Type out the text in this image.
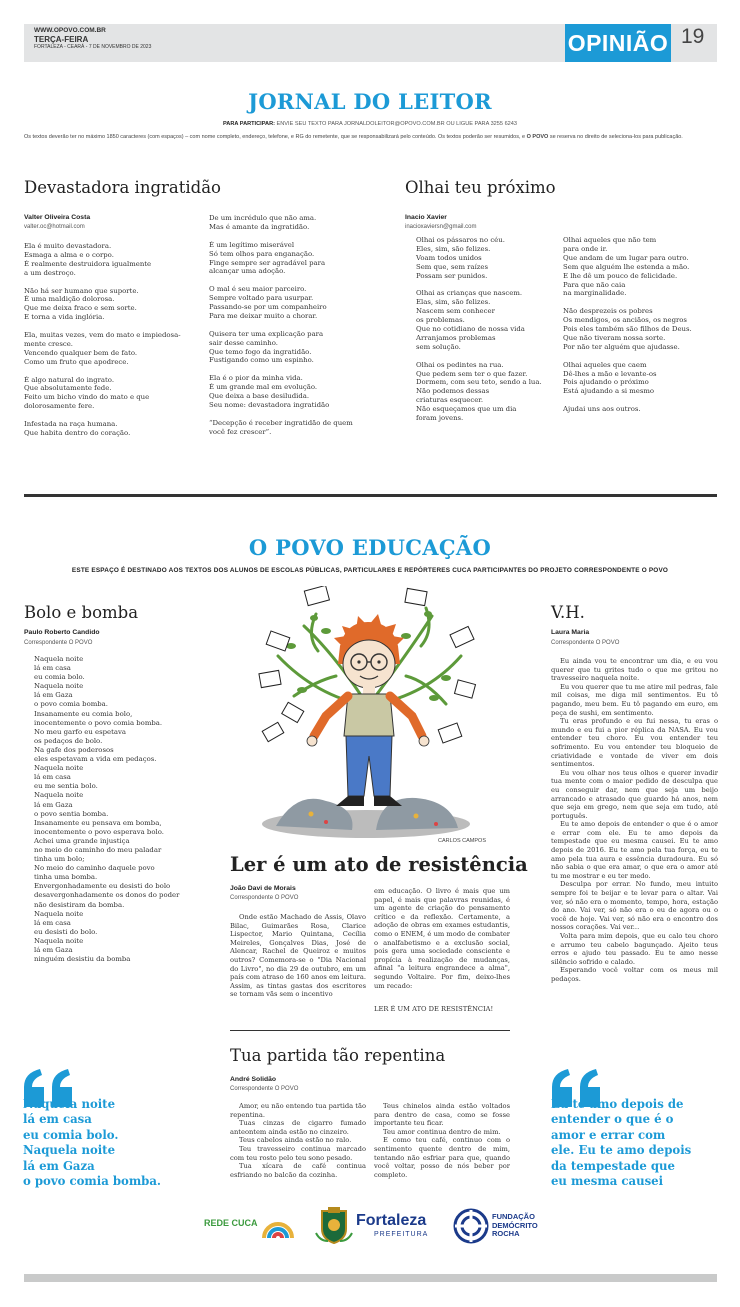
WWW.OPOVO.COM.BR
TERÇA-FEIRA
FORTALEZA - CEARÁ - 7 DE NOVEMBRO DE 2023	OPINIÃO 19
JORNAL DO LEITOR
PARA PARTICIPAR: ENVIE SEU TEXTO PARA JORNALDOLEITOR@OPOVO.COM.BR OU LIGUE PARA 3255 6243
Os textos deverão ter no máximo 1850 caracteres (com espaços) – com nome completo, endereço, telefone, e RG do remetente, que se responsabilizará pelo conteúdo. Os textos poderão ser resumidos, e O POVO se reserva no direito de seleciona-los para publicação.
Devastadora ingratidão
Valter Oliveira Costa
valter.oc@hotmail.com

Ela é muito devastadora.

Esmaga a alma e o corpo.

É realmente destruidora igualmente

a um destroço.

Não há ser humano que suporte.

É uma maldição dolorosa.

Que me deixa fraco e sem sorte.

E torna a vida inglória.

Ela, muitas vezes, vem do mato e impiedosa-

mente cresce.

Vencendo qualquer bem de fato.

Como um fruto que apodrece.

É algo natural do ingrato.

Que absolutamente fede.

Feito um bicho vindo do mato e que

dolorosamente fere.

Infestada na raça humana.

Que habita dentro do coração.

De um incrédulo que não ama.

Mas é amante da ingratidão.

É um legítimo miserável

Só tem olhos para enganação.

Finge sempre ser agradável para

alcançar uma adoção.

O mal é seu maior parceiro.

Sempre voltado para usurpar.

Passando-se por um companheiro

Para me deixar muito a chorar.

Quisera ter uma explicação para

sair desse caminho.

Que temo fogo da ingratidão.

Fustigando como um espinho.

Ela é o pior da minha vida.

É um grande mal em evolução.

Que deixa a base desiludida.

Seu nome: devastadora ingratidão

“Decepção é receber ingratidão de quem

você fez crescer”.

Olhai teu próximo
Inacio Xavier
inacioxaviersn@gmail.com

Olhai os pássaros no céu.

Eles, sim, são felizes.

Voam todos unidos

Sem que, sem raízes

Possam ser punidos.

Olhai as crianças que nascem.

Elas, sim, são felizes.

Nascem sem conhecer

os problemas.

Que no cotidiano de nossa vida

Arranjamos problemas

sem solução.

Olhai os pedintes na rua.

Que pedem sem ter o que fazer.

Dormem, com seu teto, sendo a lua.

Não podemos dessas

criaturas esquecer.

Não esqueçamos que um dia

foram jovens.

Olhai aqueles que não tem

para onde ir.

Que andam de um lugar para outro.

Sem que alguém lhe estenda a mão.

E lhe dê um pouco de felicidade.

Para que não caia

na marginalidade.

Não desprezeis os pobres

Os mendigos, os anciãos, os negros

Pois eles também são filhos de Deus.

Que não tiveram nossa sorte.

Por não ter alguém que ajudasse.

Olhai aqueles que caem

Dê-lhes a mão e levante-os

Pois ajudando o próximo

Está ajudando a si mesmo

Ajudai uns aos outros.

O POVO EDUCAÇÃO
ESTE ESPAÇO É DESTINADO AOS TEXTOS DOS ALUNOS DE ESCOLAS PÚBLICAS, PARTICULARES E REPÓRTERES CUCA PARTICIPANTES DO PROJETO CORRESPONDENTE O POVO
Bolo e bomba
Paulo Roberto Candido
Correspondente O POVO

Naquela noite

lá em casa

eu comia bolo.

Naquela noite

lá em Gaza

o povo comia bomba.

Insanamente eu comia bolo,

inocentemente o povo comia bomba.

No meu garfo eu espetava

os pedaços de bolo.

Na gafe dos poderosos

eles espetavam a vida em pedaços.

Naquela noite

lá em casa

eu me sentia bolo.

Naquela noite

lá em Gaza

o povo sentia bomba.

Insanamente eu pensava em bomba,

inocentemente o povo esperava bolo.

Achei uma grande injustiça

no meio do caminho do meu paladar

tinha um bolo;

No meio do caminho daquele povo

tinha uma bomba.

Envergonhadamente eu desisti do bolo

desavergonhadamente os donos do poder

não desistiram da bomba.

Naquela noite

lá em casa

eu desisti do bolo.

Naquela noite

lá em Gaza

ninguém desistiu da bomba

V.H.
Laura Maria
Correspondente O POVO

Eu ainda vou te encontrar um dia, e eu vou querer que tu grites tudo o que me gritou no travesseiro naquela noite.

Eu vou querer que tu me atire mil pedras, fale mil coisas, me diga mil sentimentos. Eu tô pagando, meu bem. Eu tô pagando em euro, em peça de sushi, em sentimento.

Tu eras profundo e eu fui nessa, tu eras o mundo e eu fui a pior réplica da NASA. Eu vou entender teu choro. Eu vou entender teu sofrimento. Eu vou entender teu bloqueio de criatividade e vontade de viver em dois sentimentos.

Eu vou olhar nos teus olhos e querer invadir tua mente com o maior pedido de desculpa que eu conseguir dar, nem que seja um beijo arrancado e atrasado que guardo há anos, nem que seja em grego, nem que seja em tudo, até português.

Eu te amo depois de entender o que é o amor e errar com ele. Eu te amo depois da tempestade que eu mesma causei. Eu te amo depois de 2016. Eu te amo pela tua força, eu te amo pela tua aura e essência duradoura. Eu só não sabia o que era amar, o que era o amor até tu me mostrar e eu ter medo.

Desculpa por errar. No fundo, meu intuito sempre foi te beijar e te levar para o altar. Vai ver, só não era o momento, tempo, hora, estação do ano. Vai ver, só não era o eu de agora ou o você de hoje. Vai ver, só não era o encontro dos nossos corações. Vai ver...

Volta para mim depois, que eu calo teu choro e arrumo teu cabelo bagunçado. Ajeito teus erros e ajudo teu passado. Eu te amo nesse silêncio sofrido e calado.

Esperando você voltar com os meus mil pedaços.

CARLOS CAMPOS
Ler é um ato de resistência
João Davi de Morais
Correspondente O POVO

Onde estão Machado de Assis, Olavo Bilac, Guimarães Rosa, Clarice Lispector, Mario Quintana, Cecília Meireles, Gonçalves Dias, José de Alencar, Rachel de Queiroz e muitos outros? Comemora-se o "Dia Nacional do Livro", no dia 29 de outubro, em um país com atraso de 160 anos em leitura. Assim, as tintas gastas dos escritores se tornam vãs sem o incentivo

em educação. O livro é mais que um papel, é mais que palavras reunidas, é um agente de criação do pensamento crítico e da reflexão. Certamente, a adoção de obras em exames estudantis, como o ENEM, é um modo de combater o analfabetismo e a exclusão social, pois gera uma sociedade consciente e propícia à realização de mudanças, afinal "a leitura engrandece a alma", segundo Voltaire. Por fim, deixo-lhes um recado:

LER É UM ATO DE RESISTÊNCIA!
Tua partida tão repentina
André Solidão
Correspondente O POVO

Amor, eu não entendo tua partida tão repentina.

Tuas cinzas de cigarro fumado anteontem ainda estão no cinzeiro.

Teus cabelos ainda estão no ralo.

Teu travesseiro continua marcado com teu rosto pelo teu sono pesado.

Tua xícara de café continua esfriando no balcão da cozinha.

Teus chinelos ainda estão voltados para dentro de casa, como se fosse importante teu ficar.

Teu amor continua dentro de mim.

E como teu café, continuo com o sentimento quente dentro de mim, tentando não esfriar para que, quando você voltar, posso de nós beber por completo.

Naquela noite

lá em casa

eu comia bolo.

Naquela noite

lá em Gaza

o povo comia bomba.

Eu te amo depois de

entender o que é o

amor e errar com

ele. Eu te amo depois

da tempestade que

eu mesma causei

REDE CUCA	Fortaleza
PREFEITURA
FUNDAÇÃO
DEMÓCRITO
ROCHA
